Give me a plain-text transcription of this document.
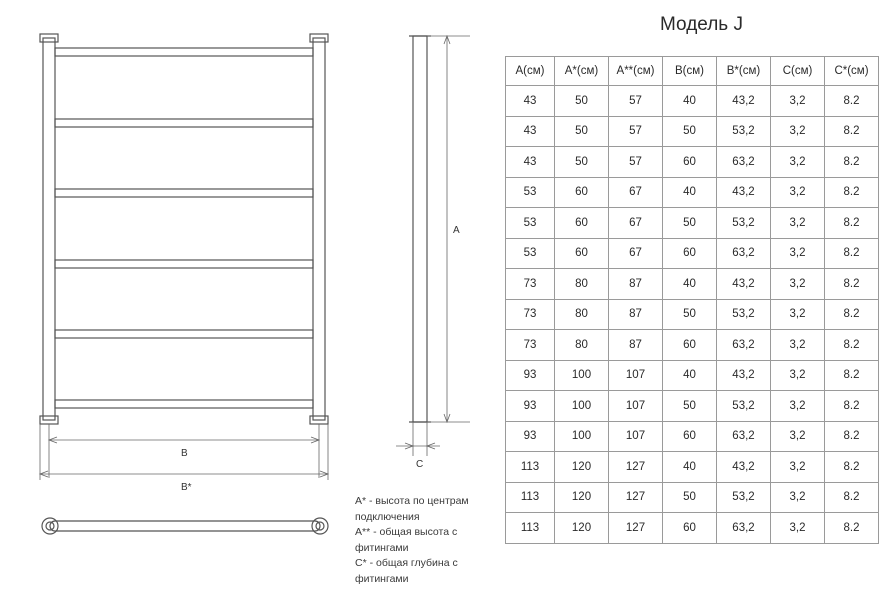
B
B*
A
C
Модель J
A(см)	A*(см)	A**(см)	B(см)	B*(см)	C(см)	C*(см)
43	50	57	40	43,2	3,2	8.2
43	50	57	50	53,2	3,2	8.2
43	50	57	60	63,2	3,2	8.2
53	60	67	40	43,2	3,2	8.2
53	60	67	50	53,2	3,2	8.2
53	60	67	60	63,2	3,2	8.2
73	80	87	40	43,2	3,2	8.2
73	80	87	50	53,2	3,2	8.2
73	80	87	60	63,2	3,2	8.2
93	100	107	40	43,2	3,2	8.2
93	100	107	50	53,2	3,2	8.2
93	100	107	60	63,2	3,2	8.2
113	120	127	40	43,2	3,2	8.2
113	120	127	50	53,2	3,2	8.2
113	120	127	60	63,2	3,2	8.2
A* - высота по центрам
подключения
A** - общая высота с
фитингами
C* - общая глубина с
фитингами
